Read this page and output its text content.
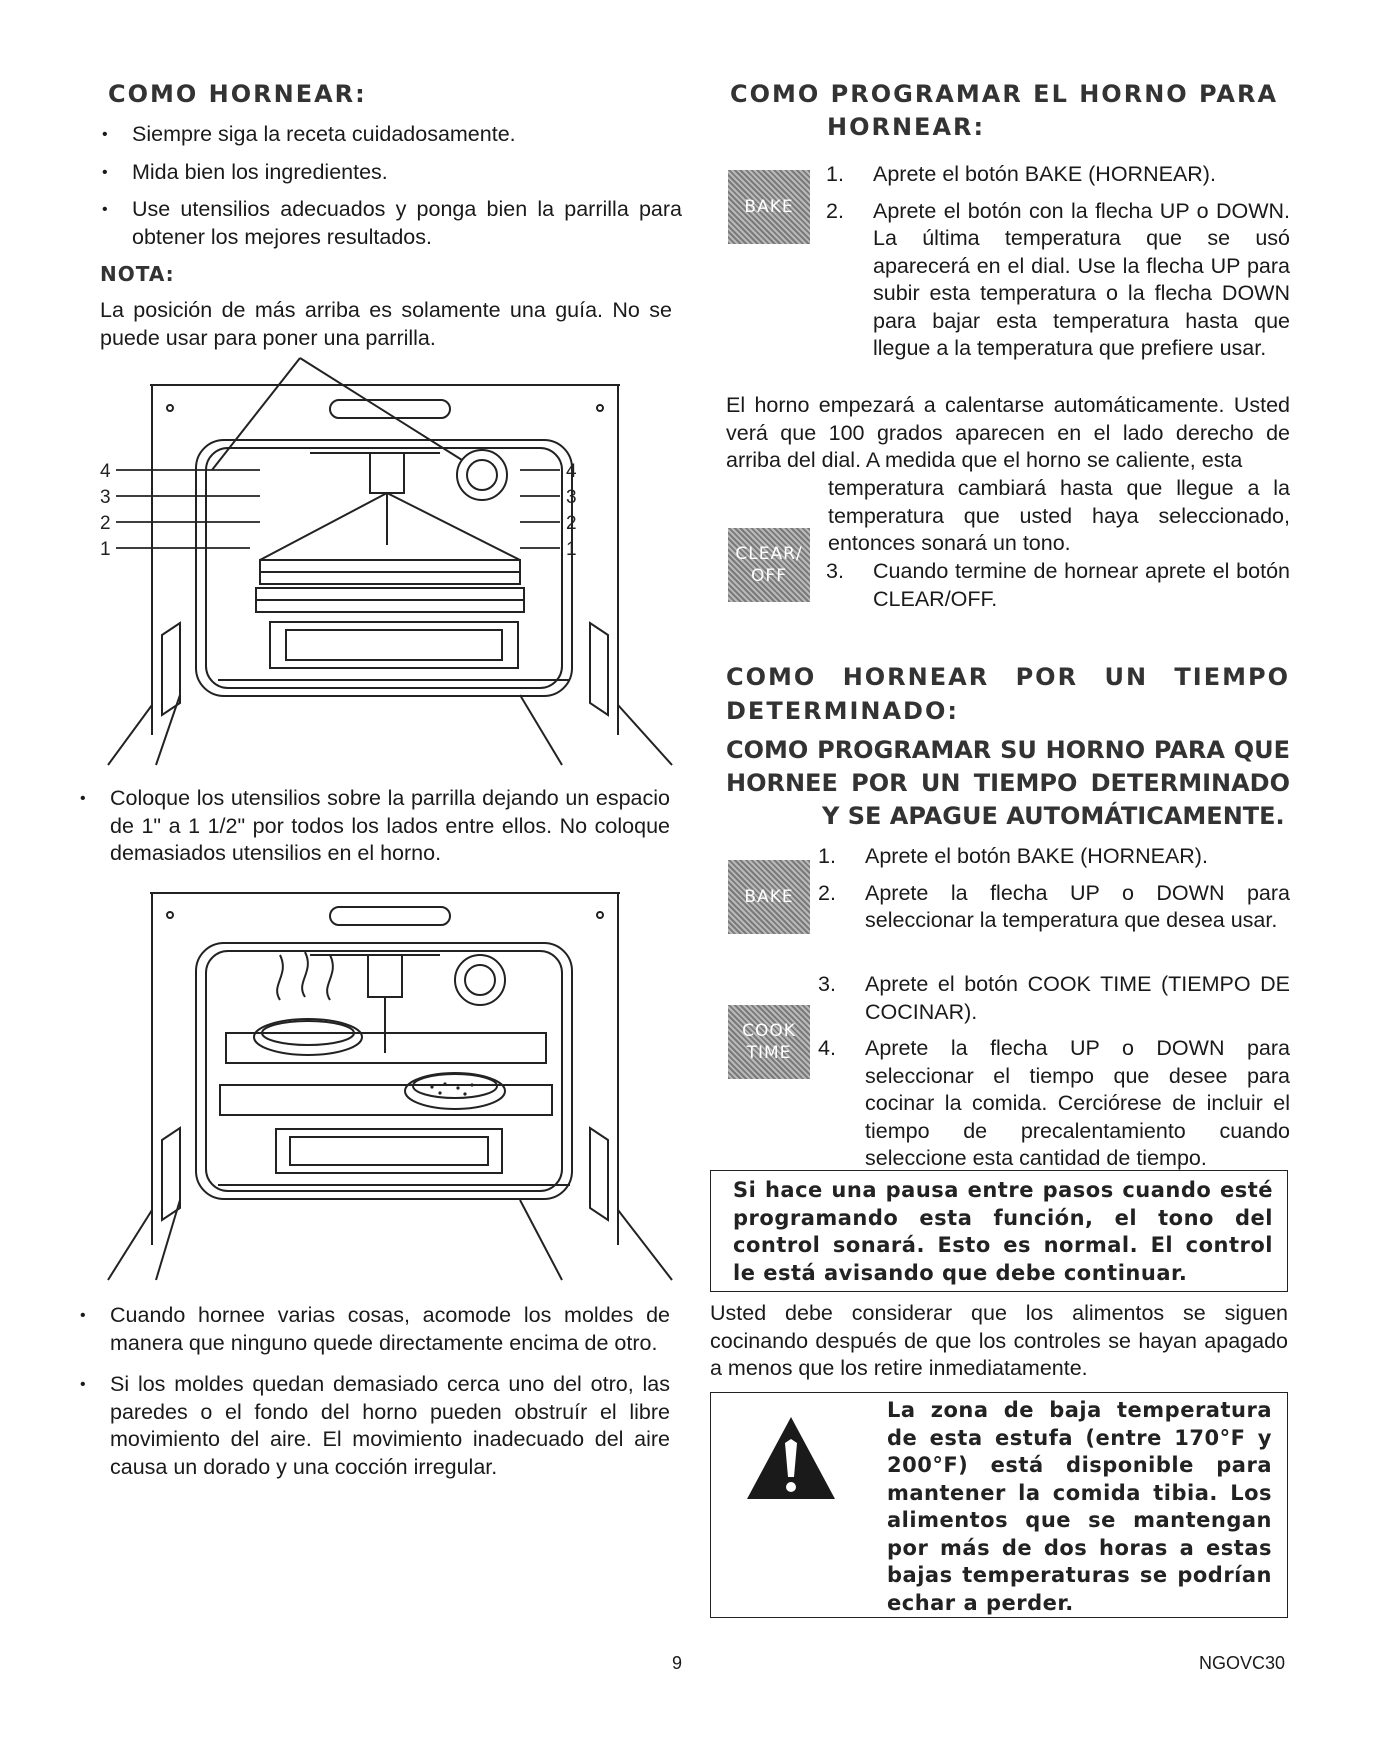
COMO HORNEAR:
• Siempre siga la receta cuidadosamente.
• Mida bien los ingredientes.
• Use utensilios adecuados y ponga bien la parrilla para obtener los mejores resultados.
NOTA:

La posición de más arriba es solamente una guía. No se puede usar para poner una parrilla.

4
3
2
1
4
3
2
1
• Coloque los utensilios sobre la parrilla dejando un espacio de 1" a 1 1/2" por todos los lados entre ellos. No coloque demasiados utensilios en el horno.
• Cuando hornee varias cosas, acomode los moldes de manera que ninguno quede directamente encima de otro.
• Si los moldes quedan demasiado cerca uno del otro, las paredes o el fondo del horno pueden obstruír el libre movimiento del aire. El movimiento inadecuado del aire causa un dorado y una cocción irregular.
COMO PROGRAMAR EL HORNO PARA
HORNEAR:
BAKE
1. Aprete el botón BAKE (HORNEAR).
2. Aprete el botón con la flecha UP o DOWN. La última temperatura que se usó aparecerá en el dial. Use la flecha UP para subir esta temperatura o la flecha DOWN para bajar esta temperatura hasta que llegue a la temperatura que prefiere usar.

El horno empezará a calentarse automáticamente. Usted verá que 100 grados aparecen en el lado derecho de arriba del dial. A medida que el horno se caliente, esta

temperatura cambiará hasta que llegue a la temperatura que usted haya seleccionado, entonces sonará un tono.

CLEAR/
OFF 3. Cuando termine de hornear aprete el botón CLEAR/OFF.
COMO HORNEAR POR UN TIEMPO
DETERMINADO:
COMO PROGRAMAR SU HORNO PARA QUE
HORNEE POR UN TIEMPO DETERMINADO
Y SE APAGUE AUTOMÁTICAMENTE.
BAKE
1. Aprete el botón BAKE (HORNEAR).
2. Aprete la flecha UP o DOWN para seleccionar la temperatura que desea usar.
COOK
TIME
3. Aprete el botón COOK TIME (TIEMPO DE COCINAR).
4. Aprete la flecha UP o DOWN para seleccionar el tiempo que desee para cocinar la comida. Cerciórese de incluir el tiempo de precalentamiento cuando seleccione esta cantidad de tiempo.
Si hace una pausa entre pasos cuando esté programando esta función, el tono del control sonará. Esto es normal. El control le está avisando que debe continuar.

Usted debe considerar que los alimentos se siguen cocinando después de que los controles se hayan apagado a menos que los retire inmediatamente.

La zona de baja temperatura de esta estufa (entre 170°F y 200°F) está disponible para mantener la comida tibia. Los alimentos que se mantengan por más de dos horas a estas bajas temperaturas se podrían echar a perder.
9	NGOVC30
